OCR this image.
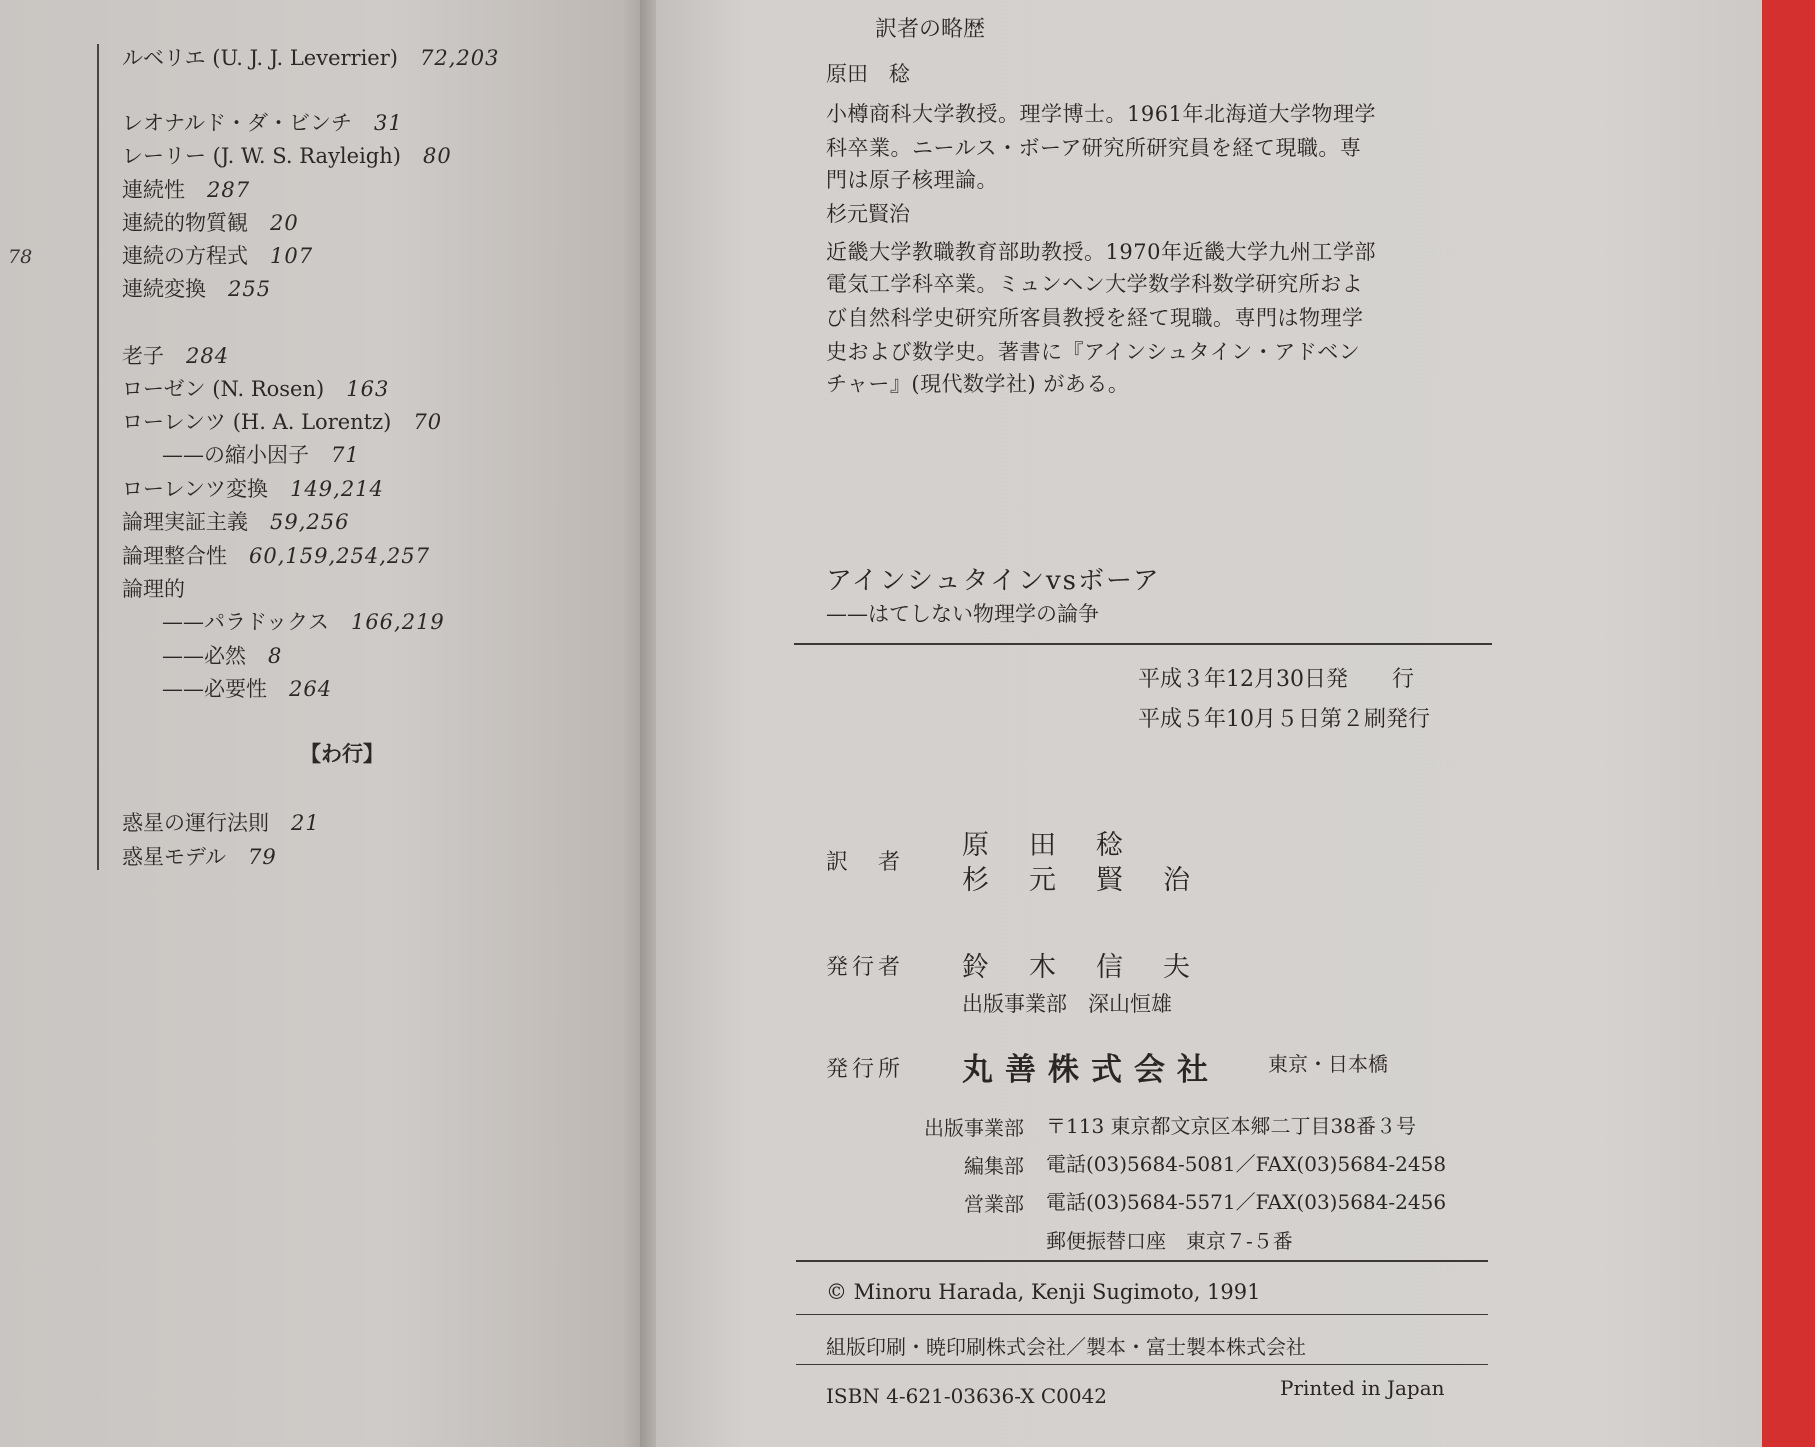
78
ルベリエ (U. J. J. Leverrier) 72,203
レオナルド・ダ・ビンチ 31
レーリー (J. W. S. Rayleigh) 80
連続性 287
連続的物質観 20
連続の方程式 107
連続変換 255
老子 284
ローゼン (N. Rosen) 163
ローレンツ (H. A. Lorentz) 70
——の縮小因子 71
ローレンツ変換 149,214
論理実証主義 59,256
論理整合性 60,159,254,257
論理的
——パラドックス 166,219
——必然 8
——必要性 264
【わ行】
惑星の運行法則 21
惑星モデル 79
訳者の略歴
原田　稔
小樽商科大学教授。理学博士。1961年北海道大学物理学
科卒業。ニールス・ボーア研究所研究員を経て現職。専
門は原子核理論。
杉元賢治
近畿大学教職教育部助教授。1970年近畿大学九州工学部
電気工学科卒業。ミュンヘン大学数学科数学研究所およ
び自然科学史研究所客員教授を経て現職。専門は物理学
史および数学史。著書に『アインシュタイン・アドベン
チャー』(現代数学社) がある。
アインシュタインvsボーア
——はてしない物理学の論争
平成３年12月30日発　　行
平成５年10月５日第２刷発行
訳　者
原田稔
杉元賢治
発行者 鈴木信夫
出版事業部　深山恒雄
発行所 丸善株式会社 東京・日本橋
出版事業部 〒113 東京都文京区本郷二丁目38番３号
編集部 電話(03)5684-5081／FAX(03)5684-2458
営業部 電話(03)5684-5571／FAX(03)5684-2456
郵便振替口座　東京７-５番
© Minoru Harada, Kenji Sugimoto, 1991
組版印刷・暁印刷株式会社／製本・富士製本株式会社
ISBN 4-621-03636-X C0042	Printed in Japan
